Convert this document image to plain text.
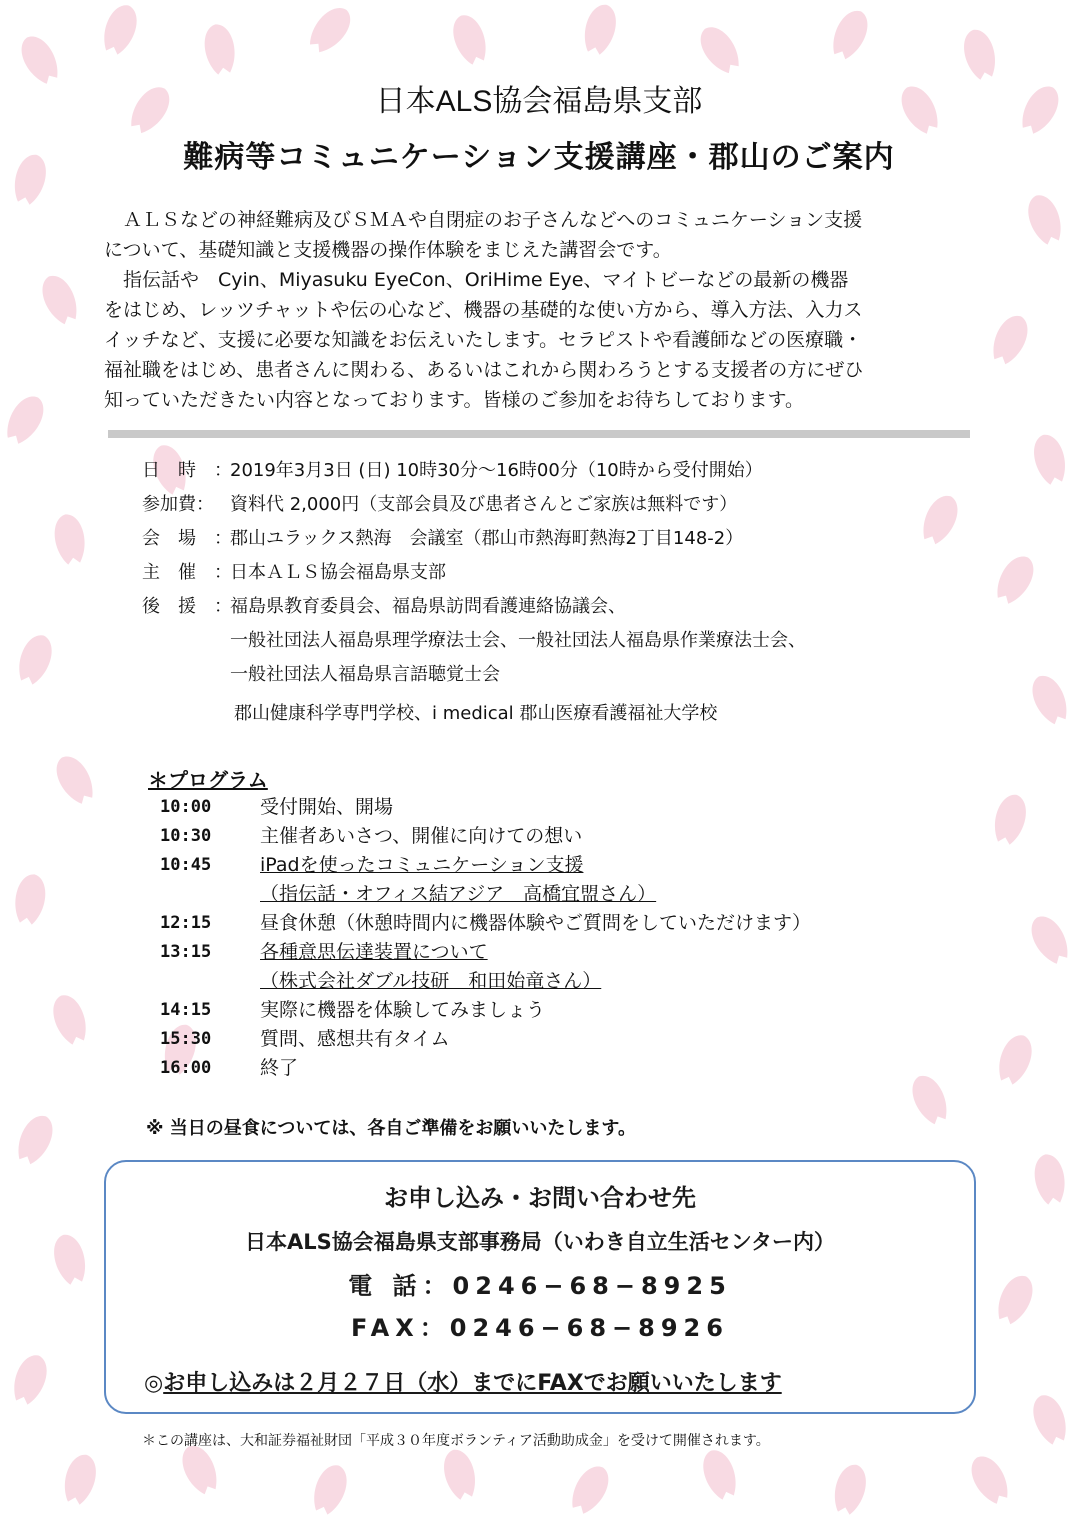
日本ALS協会福島県支部
難病等コミュニケーション支援講座・郡山のご案内

　ＡＬＳなどの神経難病及びＳＭＡや自閉症のお子さんなどへのコミュニケーション支援

について、基礎知識と支援機器の操作体験をまじえた講習会です。

　指伝話や　Cyin、Miyasuku EyeCon、OriHime Eye、マイトビーなどの最新の機器

をはじめ、レッツチャットや伝の心など、機器の基礎的な使い方から、導入方法、入力ス

イッチなど、支援に必要な知識をお伝えいたします。セラピストや看護師などの医療職・

福祉職をはじめ、患者さんに関わる、あるいはこれから関わろうとする支援者の方にぜひ

知っていただきたい内容となっております。皆様のご参加をお待ちしております。

日　時　：
2019年3月3日 (日) 10時30分〜16時00分（10時から受付開始）
参加費： 資料代 2,000円（支部会員及び患者さんとご家族は無料です）
会　場　：
郡山ユラックス熱海　会議室（郡山市熱海町熱海2丁目148-2）
主　催　：
日本ＡＬＳ協会福島県支部
後　援　：
福島県教育委員会、福島県訪問看護連絡協議会、
一般社団法人福島県理学療法士会、一般社団法人福島県作業療法士会、
一般社団法人福島県言語聴覚士会
郡山健康科学専門学校、i medical 郡山医療看護福祉大学校
＊プログラム
10:00	受付開始、開場
10:30	主催者あいさつ、開催に向けての想い
10:45	iPadを使ったコミュニケーション支援
（指伝話・オフィス結アジア　高橋宜盟さん）
12:15	昼食休憩（休憩時間内に機器体験やご質問をしていただけます）
13:15	各種意思伝達装置について
（株式会社ダブル技研　和田始竜さん）
14:15	実際に機器を体験してみましょう
15:30	質問、感想共有タイム
16:00	終了
※ 当日の昼食については、各自ご準備をお願いいたします。
お申し込み・お問い合わせ先
日本ALS協会福島県支部事務局（いわき自立生活センター内）
電 話：0246−68−8925
FAX：0246−68−8926
◎お申し込みは２月２７日（水）までにFAXでお願いいたします
＊この講座は、大和証券福祉財団「平成３０年度ボランティア活動助成金」を受けて開催されます。
